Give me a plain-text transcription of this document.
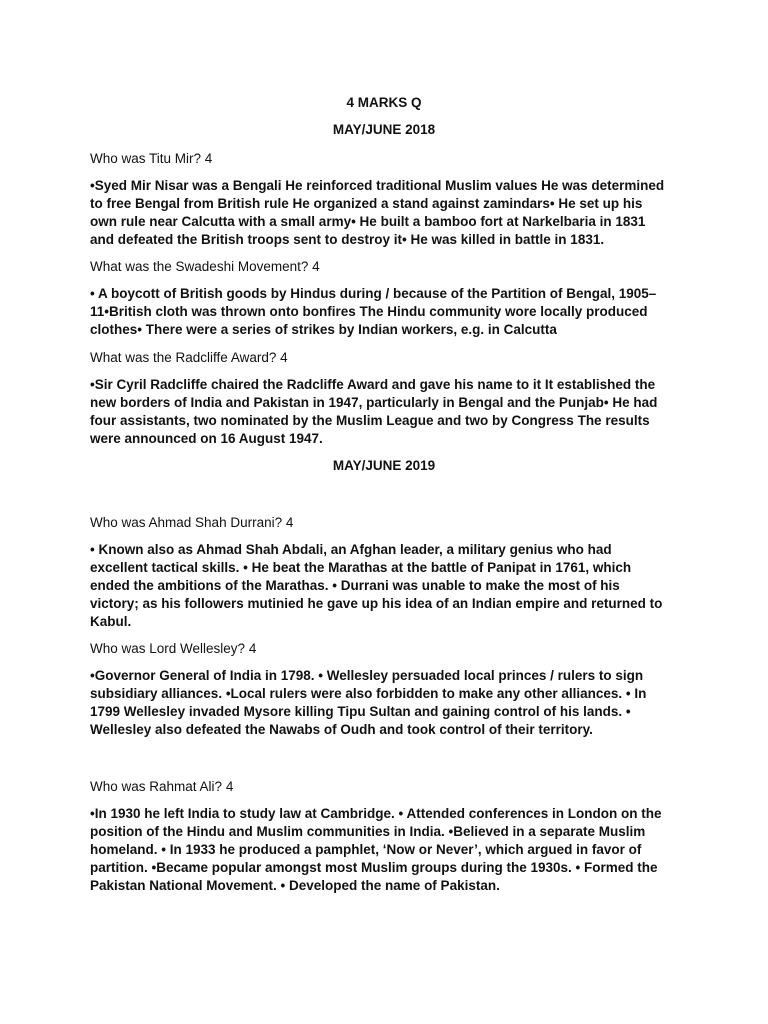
4 MARKS Q
MAY/JUNE 2018
Who was Titu Mir? 4
•Syed Mir Nisar was a Bengali He reinforced traditional Muslim values He was determined
to free Bengal from British rule He organized a stand against zamindars• He set up his
own rule near Calcutta with a small army• He built a bamboo fort at Narkelbaria in 1831
and defeated the British troops sent to destroy it• He was killed in battle in 1831.
What was the Swadeshi Movement? 4
• A boycott of British goods by Hindus during / because of the Partition of Bengal, 1905–
11•British cloth was thrown onto bonfires The Hindu community wore locally produced
clothes• There were a series of strikes by Indian workers, e.g. in Calcutta
What was the Radcliffe Award? 4
•Sir Cyril Radcliffe chaired the Radcliffe Award and gave his name to it It established the
new borders of India and Pakistan in 1947, particularly in Bengal and the Punjab• He had
four assistants, two nominated by the Muslim League and two by Congress The results
were announced on 16 August 1947.
MAY/JUNE 2019
Who was Ahmad Shah Durrani? 4
• Known also as Ahmad Shah Abdali, an Afghan leader, a military genius who had
excellent tactical skills. • He beat the Marathas at the battle of Panipat in 1761, which
ended the ambitions of the Marathas. • Durrani was unable to make the most of his
victory; as his followers mutinied he gave up his idea of an Indian empire and returned to
Kabul.
Who was Lord Wellesley? 4
•Governor General of India in 1798. • Wellesley persuaded local princes / rulers to sign
subsidiary alliances. •Local rulers were also forbidden to make any other alliances. • In
1799 Wellesley invaded Mysore killing Tipu Sultan and gaining control of his lands. •
Wellesley also defeated the Nawabs of Oudh and took control of their territory.
Who was Rahmat Ali? 4
•In 1930 he left India to study law at Cambridge. • Attended conferences in London on the
position of the Hindu and Muslim communities in India. •Believed in a separate Muslim
homeland. • In 1933 he produced a pamphlet, ‘Now or Never’, which argued in favor of
partition. •Became popular amongst most Muslim groups during the 1930s. • Formed the
Pakistan National Movement. • Developed the name of Pakistan.
